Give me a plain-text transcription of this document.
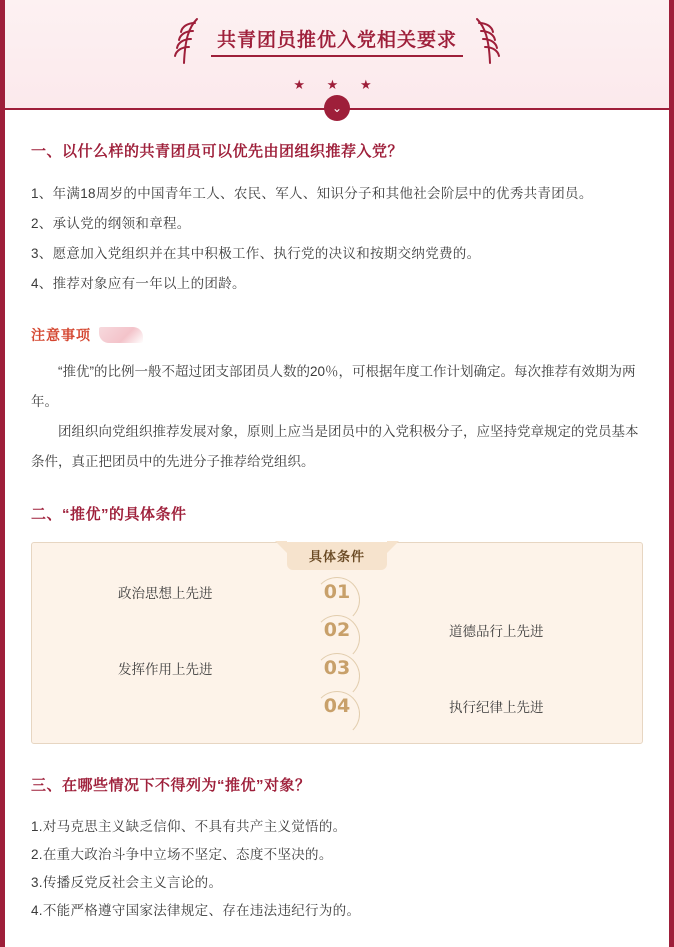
共青团员推优入党相关要求
★ ★ ★
⌄
一、以什么样的共青团员可以优先由团组织推荐入党？
1、年满18周岁的中国青年工人、农民、军人、知识分子和其他社会阶层中的优秀共青团员。
2、承认党的纲领和章程。
3、愿意加入党组织并在其中积极工作、执行党的决议和按期交纳党费的。
4、推荐对象应有一年以上的团龄。
注意事项

“推优”的比例一般不超过团支部团员人数的20％，可根据年度工作计划确定。每次推荐有效期为两年。

团组织向党组织推荐发展对象，原则上应当是团员中的入党积极分子，应坚持党章规定的党员基本条件，真正把团员中的先进分子推荐给党组织。

二、“推优”的具体条件
具体条件
政治思想上先进	01
道德品行上先进
02
发挥作用上先进	03
执行纪律上先进
04
三、在哪些情况下不得列为“推优”对象？
1.对马克思主义缺乏信仰、不具有共产主义觉悟的。
2.在重大政治斗争中立场不坚定、态度不坚决的。
3.传播反党反社会主义言论的。
4.不能严格遵守国家法律规定、存在违法违纪行为的。
